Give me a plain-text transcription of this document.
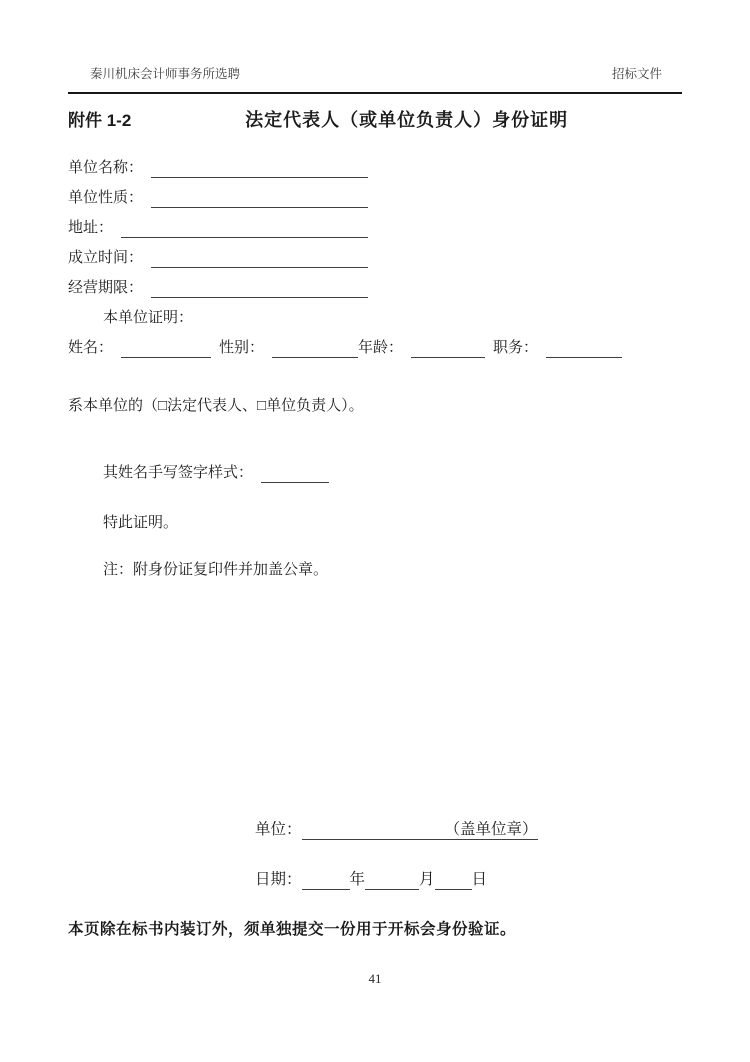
秦川机床会计师事务所选聘	招标文件
附件 1-2	法定代表人（或单位负责人）身份证明
单位名称：
单位性质：
地址：
成立时间：
经营期限：
本单位证明：
姓名：	性别：	年龄：	职务：
系本单位的（□法定代表人、□单位负责人）。
其姓名手写签字样式：
特此证明。
注：附身份证复印件并加盖公章。
单位：	（盖单位章）
日期：	年	月 日
本页除在标书内装订外，须单独提交一份用于开标会身份验证。
41
